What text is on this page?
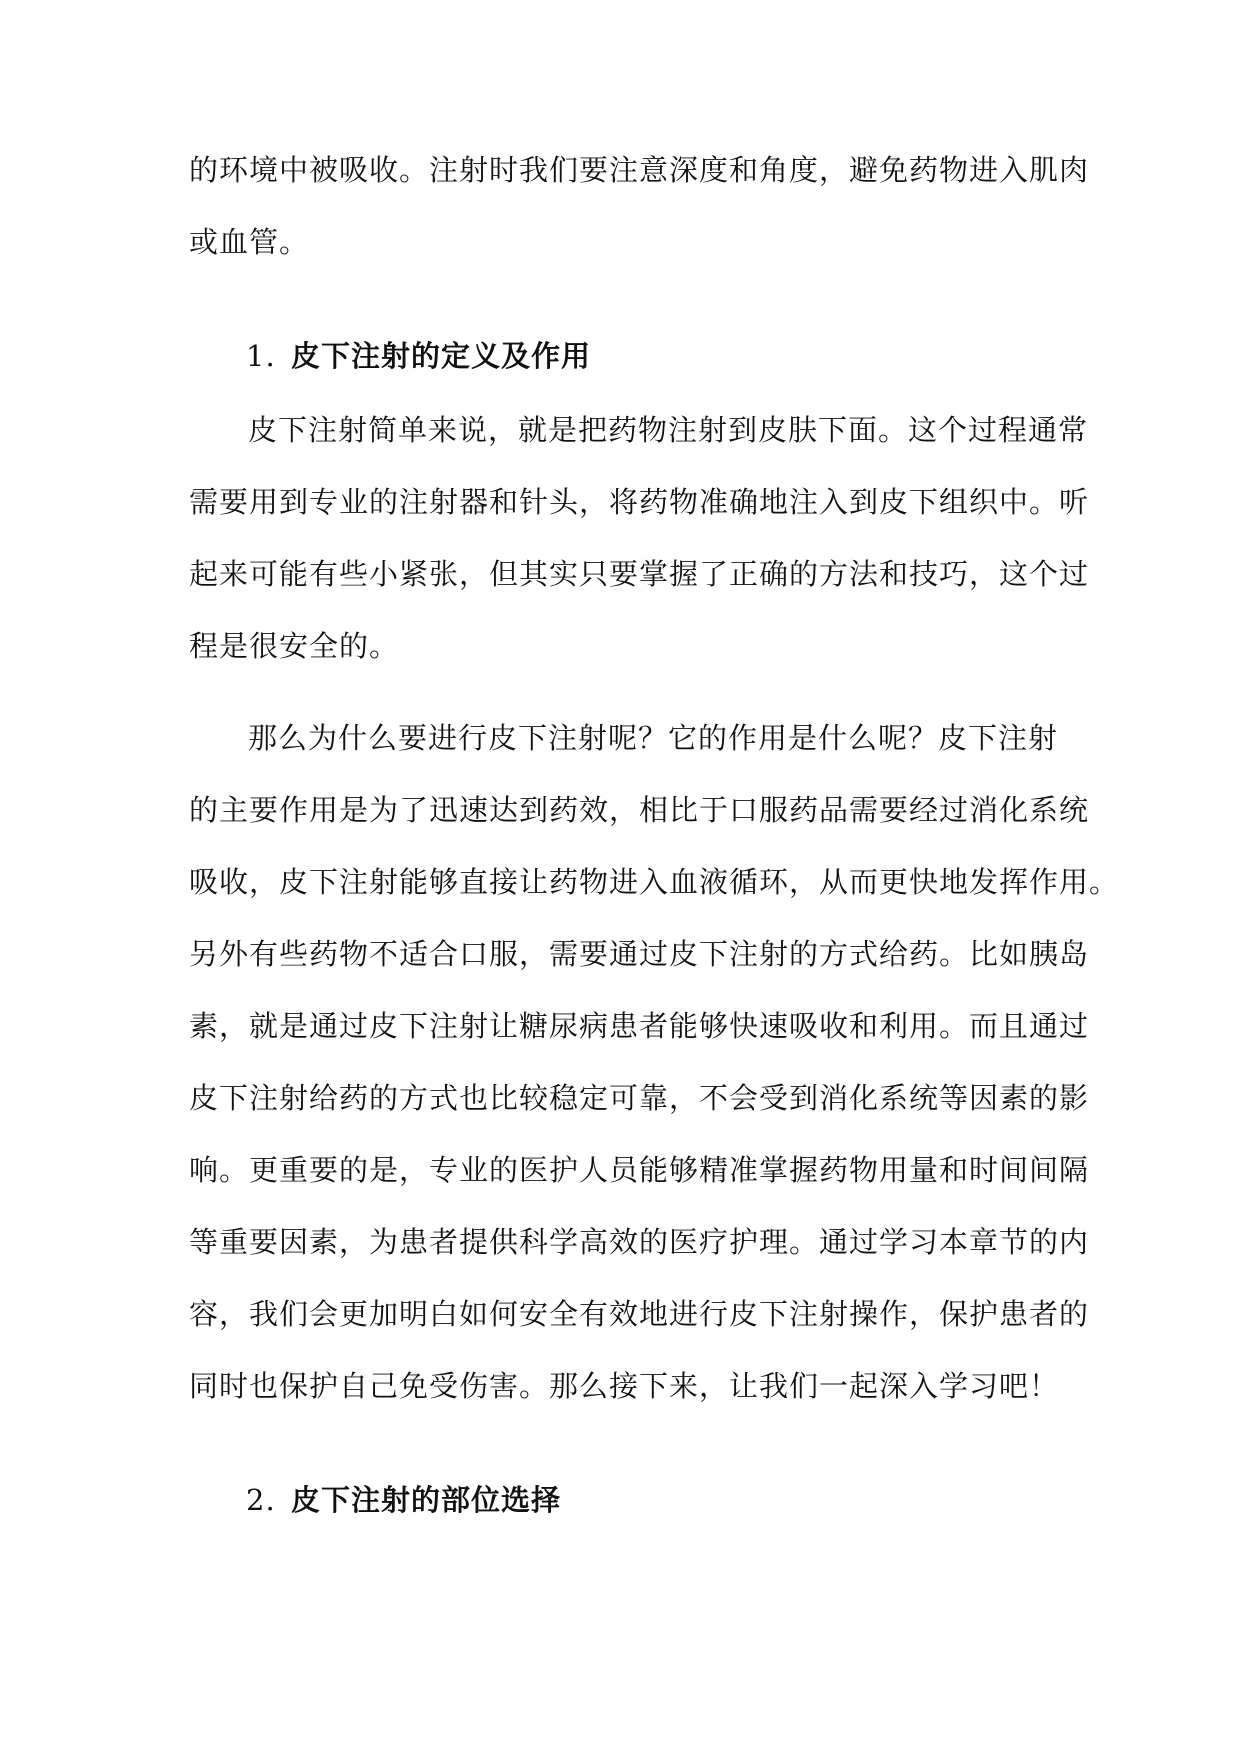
的环境中被吸收。注射时我们要注意深度和角度，避免药物进入肌肉
或血管。
1. 皮下注射的定义及作用
皮下注射简单来说，就是把药物注射到皮肤下面。这个过程通常
需要用到专业的注射器和针头，将药物准确地注入到皮下组织中。听
起来可能有些小紧张，但其实只要掌握了正确的方法和技巧，这个过
程是很安全的。
那么为什么要进行皮下注射呢？它的作用是什么呢？皮下注射
的主要作用是为了迅速达到药效，相比于口服药品需要经过消化系统
吸收，皮下注射能够直接让药物进入血液循环，从而更快地发挥作用。
另外有些药物不适合口服，需要通过皮下注射的方式给药。比如胰岛
素，就是通过皮下注射让糖尿病患者能够快速吸收和利用。而且通过
皮下注射给药的方式也比较稳定可靠，不会受到消化系统等因素的影
响。更重要的是，专业的医护人员能够精准掌握药物用量和时间间隔
等重要因素，为患者提供科学高效的医疗护理。通过学习本章节的内
容，我们会更加明白如何安全有效地进行皮下注射操作，保护患者的
同时也保护自己免受伤害。那么接下来，让我们一起深入学习吧！
2. 皮下注射的部位选择
